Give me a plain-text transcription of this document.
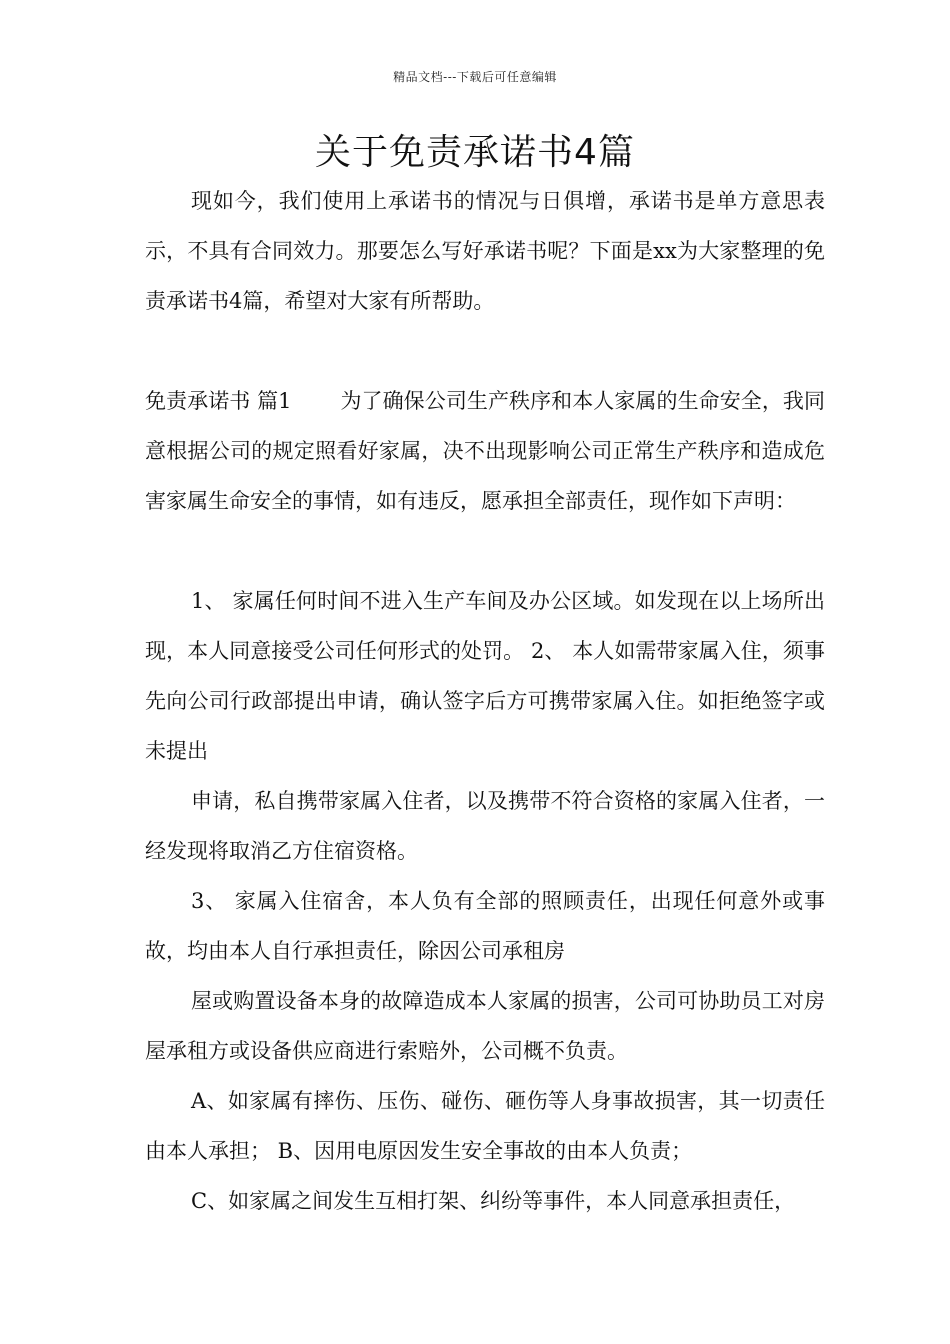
精品文档---下载后可任意编辑
关于免责承诺书4篇

现如今，我们使用上承诺书的情况与日俱增，承诺书是单方意思表示，不具有合同效力。那要怎么写好承诺书呢？下面是xx为大家整理的免责承诺书4篇，希望对大家有所帮助。

免责承诺书 篇1　　 为了确保公司生产秩序和本人家属的生命安全，我同意根据公司的规定照看好家属，决不出现影响公司正常生产秩序和造成危害家属生命安全的事情，如有违反，愿承担全部责任，现作如下声明：

1、 家属任何时间不进入生产车间及办公区域。如发现在以上场所出现，本人同意接受公司任何形式的处罚。 2、 本人如需带家属入住，须事先向公司行政部提出申请，确认签字后方可携带家属入住。如拒绝签字或未提出

申请，私自携带家属入住者，以及携带不符合资格的家属入住者，一经发现将取消乙方住宿资格。

3、 家属入住宿舍，本人负有全部的照顾责任，出现任何意外或事故，均由本人自行承担责任，除因公司承租房

屋或购置设备本身的故障造成本人家属的损害，公司可协助员工对房屋承租方或设备供应商进行索赔外，公司概不负责。

A、如家属有摔伤、压伤、碰伤、砸伤等人身事故损害，其一切责任由本人承担； B、因用电原因发生安全事故的由本人负责；

C、如家属之间发生互相打架、纠纷等事件，本人同意承担责任，
